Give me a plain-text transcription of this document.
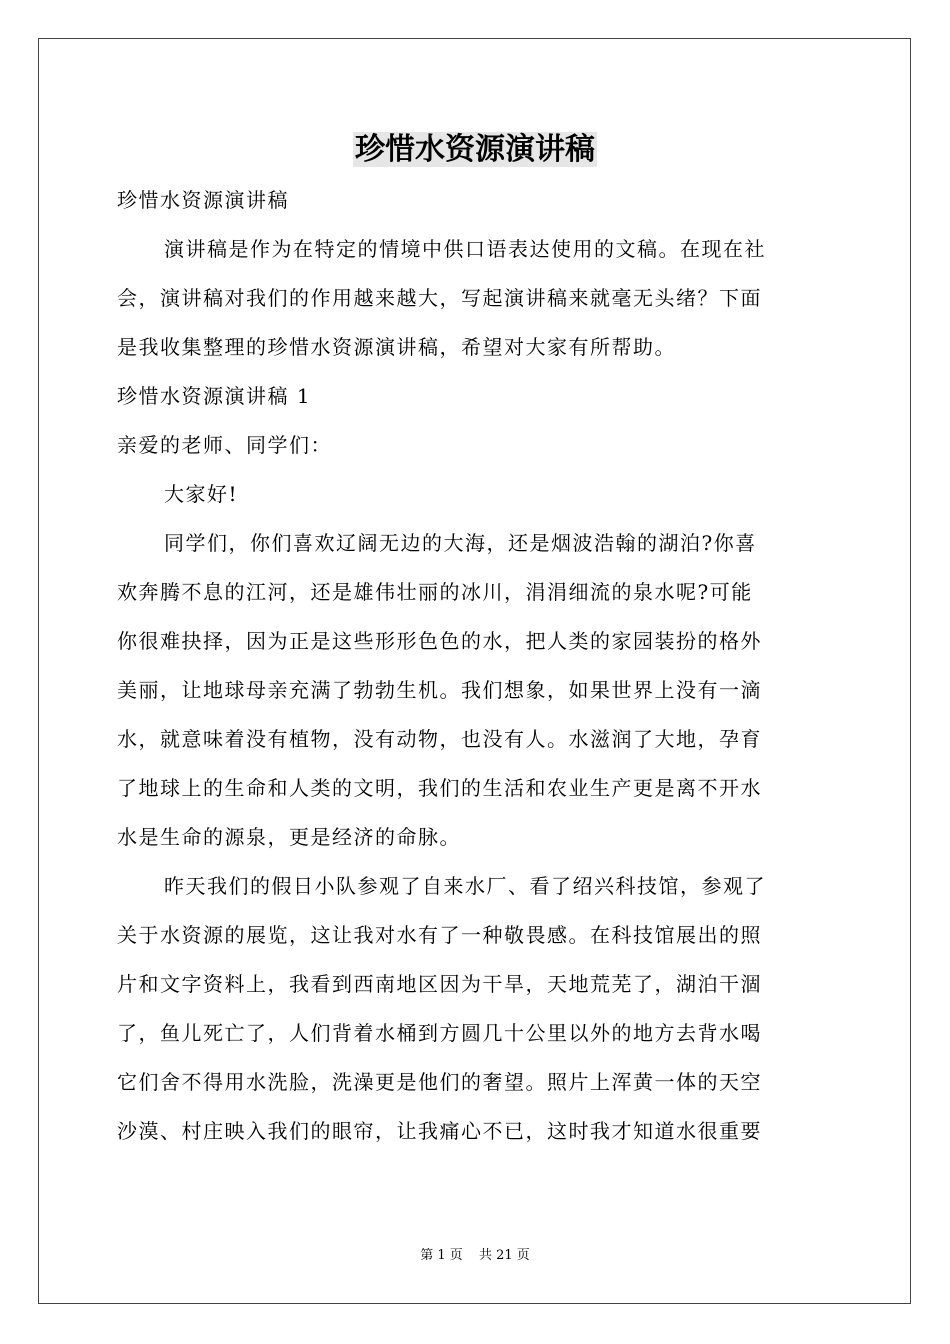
珍惜水资源演讲稿
珍惜水资源演讲稿
演讲稿是作为在特定的情境中供口语表达使用的文稿。在现在社
会，演讲稿对我们的作用越来越大，写起演讲稿来就毫无头绪？下面
是我收集整理的珍惜水资源演讲稿，希望对大家有所帮助。
珍惜水资源演讲稿 1
亲爱的老师、同学们：
大家好!
同学们，你们喜欢辽阔无边的大海，还是烟波浩翰的湖泊?你喜
欢奔腾不息的江河，还是雄伟壮丽的冰川，涓涓细流的泉水呢?可能
你很难抉择，因为正是这些形形色色的水，把人类的家园装扮的格外
美丽，让地球母亲充满了勃勃生机。我们想象，如果世界上没有一滴
水，就意味着没有植物，没有动物，也没有人。水滋润了大地，孕育
了地球上的生命和人类的文明，我们的生活和农业生产更是离不开水
水是生命的源泉，更是经济的命脉。
昨天我们的假日小队参观了自来水厂、看了绍兴科技馆，参观了
关于水资源的展览，这让我对水有了一种敬畏感。在科技馆展出的照
片和文字资料上，我看到西南地区因为干旱，天地荒芜了，湖泊干涸
了，鱼儿死亡了，人们背着水桶到方圆几十公里以外的地方去背水喝
它们舍不得用水洗脸，洗澡更是他们的奢望。照片上浑黄一体的天空
沙漠、村庄映入我们的眼帘，让我痛心不已，这时我才知道水很重要
第 1 页 共 21 页
